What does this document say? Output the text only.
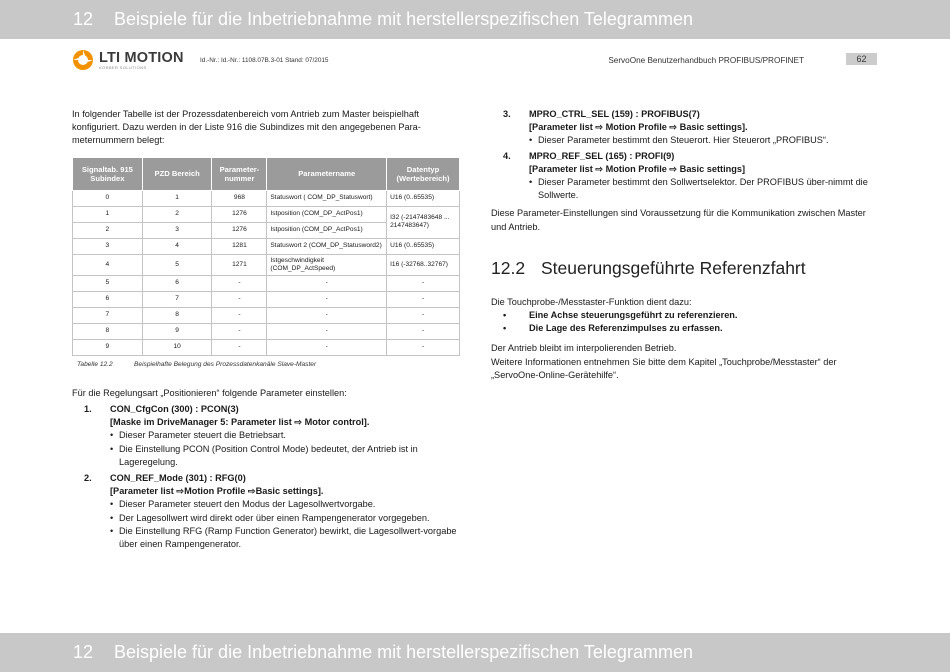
12 Beispiele für die Inbetriebnahme mit herstellerspezifischen Telegrammen
LTI MOTION
KÖRBER SOLUTIONS
Id.-Nr.: Id.-Nr.: 1108.07B.3-01 Stand: 07/2015	ServoOne Benutzerhandbuch PROFIBUS/PROFINET	62

In folgender Tabelle ist der Prozessdatenbereich vom Antrieb zum Master beispielhaft konfiguriert. Dazu werden in der Liste 916 die Subindizes mit den angegebenen Para-meternummern belegt:

Signaltab. 915 Subindex	PZD Bereich	Parameter-nummer	Parametername	Datentyp (Wertebereich)
0	1	968	Statuswort ( COM_DP_Statuswort)	U16 (0..65535)
1	2	1276	Istposition (COM_DP_ActPos1)	I32 (-2147483648 ... 2147483647)
2	3	1276	Istposition (COM_DP_ActPos1)	
3	4	1281	Statuswort 2 (COM_DP_Statusword2)	U16 (0..65535)
4	5	1271	Istgeschwindigkeit (COM_DP_ActSpeed)	I16 (-32768..32767)
5	6	-	-	-
6	7	-	-	-
7	8	-	-	-
8	9	-	-	-
9	10	-	-	-
Tabelle 12.2	Beispielhafte Belegung des Prozessdatenkanäle Slave-Master

Für die Regelungsart „Positionieren“ folgende Parameter einstellen:

1.	CON_CfgCon (300) : PCON(3)
[Maske im DriveManager 5: Parameter list ⇨ Motor control].
• Dieser Parameter steuert die Betriebsart.
• Die Einstellung PCON (Position Control Mode) bedeutet, der Antrieb ist in Lageregelung.
2.	CON_REF_Mode (301) : RFG(0)
[Parameter list ⇨Motion Profile ⇨Basic settings].
• Dieser Parameter steuert den Modus der Lagesollwertvorgabe.
• Der Lagesollwert wird direkt oder über einen Rampengenerator vorgegeben.
• Die Einstellung RFG (Ramp Function Generator) bewirkt, die Lagesollwert-vorgabe über einen Rampengenerator.
3.	MPRO_CTRL_SEL (159) : PROFIBUS(7)
[Parameter list ⇨ Motion Profile ⇨ Basic settings].
• Dieser Parameter bestimmt den Steuerort. Hier Steuerort „PROFIBUS“.
4.	MPRO_REF_SEL (165) : PROFI(9)
[Parameter list ⇨ Motion Profile ⇨ Basic settings]
• Dieser Parameter bestimmt den Sollwertselektor. Der PROFIBUS über-nimmt die Sollwerte.

Diese Parameter-Einstellungen sind Voraussetzung für die Kommunikation zwischen Master und Antrieb.

12.2 Steuerungsgeführte Referenzfahrt

Die Touchprobe-/Messtaster-Funktion dient dazu:

•	Eine Achse steuerungsgeführt zu referenzieren.
•	Die Lage des Referenzimpulses zu erfassen.

Der Antrieb bleibt im interpolierenden Betrieb.

Weitere Informationen entnehmen Sie bitte dem Kapitel „Touchprobe/Messtaster“ der „ServoOne-Online-Gerätehilfe“.

12 Beispiele für die Inbetriebnahme mit herstellerspezifischen Telegrammen
